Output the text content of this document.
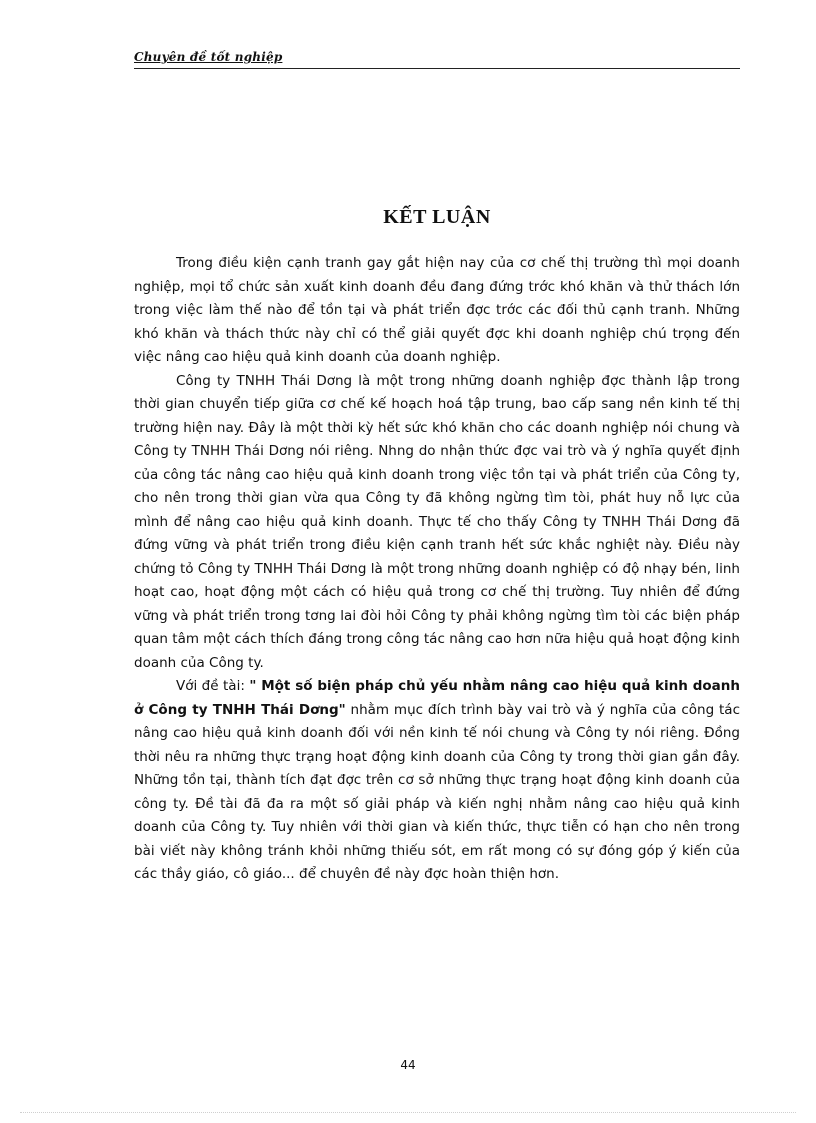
Chuyên đề tốt nghiệp
KẾT LUẬN

Trong điều kiện cạnh tranh gay gắt hiện nay của cơ chế thị trường thì mọi doanh nghiệp, mọi tổ chức sản xuất kinh doanh đều đang đứng trớc khó khăn và thử thách lớn trong việc làm thế nào để tồn tại và phát triển đợc trớc các đối thủ cạnh tranh. Những khó khăn và thách thức này chỉ có thể giải quyết đợc khi doanh nghiệp chú trọng đến việc nâng cao hiệu quả kinh doanh của doanh nghiệp.

Công ty TNHH Thái Dơng là một trong những doanh nghiệp đợc thành lập trong thời gian chuyển tiếp giữa cơ chế kế hoạch hoá tập trung, bao cấp sang nền kinh tế thị trường hiện nay. Đây là một thời kỳ hết sức khó khăn cho các doanh nghiệp nói chung và Công ty TNHH Thái Dơng nói riêng. Nhng do nhận thức đợc vai trò và ý nghĩa quyết định của công tác nâng cao hiệu quả kinh doanh trong việc tồn tại và phát triển của Công ty, cho nên trong thời gian vừa qua Công ty đã không ngừng tìm tòi, phát huy nỗ lực của mình để nâng cao hiệu quả kinh doanh. Thực tế cho thấy Công ty TNHH Thái Dơng đã đứng vững và phát triển trong điều kiện cạnh tranh hết sức khắc nghiệt này. Điều này chứng tỏ Công ty TNHH Thái Dơng là một trong những doanh nghiệp có độ nhạy bén, linh hoạt cao, hoạt động một cách có hiệu quả trong cơ chế thị trường. Tuy nhiên để đứng vững và phát triển trong tơng lai đòi hỏi Công ty phải không ngừng tìm tòi các biện pháp quan tâm một cách thích đáng trong công tác nâng cao hơn nữa hiệu quả hoạt động kinh doanh của Công ty.

Với đề tài: " Một số biện pháp chủ yếu nhằm nâng cao hiệu quả kinh doanh ở Công ty TNHH Thái Dơng" nhằm mục đích trình bày vai trò và ý nghĩa của công tác nâng cao hiệu quả kinh doanh đối với nền kinh tế nói chung và Công ty nói riêng. Đồng thời nêu ra những thực trạng hoạt động kinh doanh của Công ty trong thời gian gần đây. Những tồn tại, thành tích đạt đợc trên cơ sở những thực trạng hoạt động kinh doanh của công ty. Đề tài đã đa ra một số giải pháp và kiến nghị nhằm nâng cao hiệu quả kinh doanh của Công ty. Tuy nhiên với thời gian và kiến thức, thực tiễn có hạn cho nên trong bài viết này không tránh khỏi những thiếu sót, em rất mong có sự đóng góp ý kiến của các thầy giáo, cô giáo... để chuyên đề này đợc hoàn thiện hơn.

44
